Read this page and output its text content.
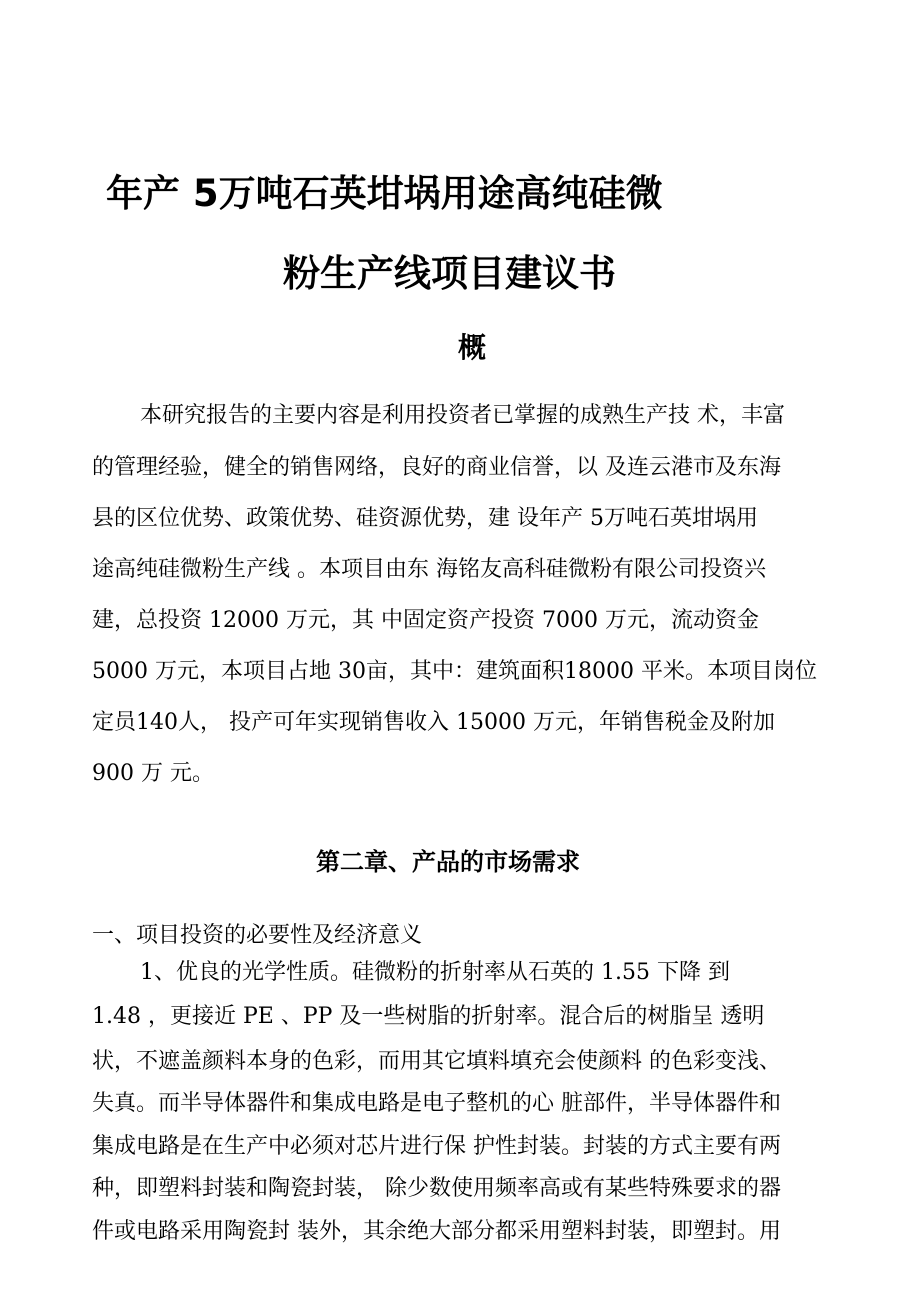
年产 5万吨石英坩埚用途高纯硅微
粉生产线项目建议书
概
本研究报告的主要内容是利用投资者已掌握的成熟生产技 术，丰富
的管理经验，健全的销售网络，良好的商业信誉，以 及连云港市及东海
县的区位优势、政策优势、硅资源优势，建 设年产 5万吨石英坩埚用
途高纯硅微粉生产线 。本项目由东 海铭友高科硅微粉有限公司投资兴
建，总投资 12000 万元，其 中固定资产投资 7000 万元，流动资金
5000 万元，本项目占地 30亩，其中：建筑面积18000 平米。本项目岗位
定员140人， 投产可年实现销售收入 15000 万元，年销售税金及附加
900 万 元。
第二章、产品的市场需求
一、项目投资的必要性及经济意义
1、优良的光学性质。硅微粉的折射率从石英的 1.55 下降 到
1.48 ，更接近 PE 、PP 及一些树脂的折射率。混合后的树脂呈 透明
状，不遮盖颜料本身的色彩，而用其它填料填充会使颜料 的色彩变浅、
失真。而半导体器件和集成电路是电子整机的心 脏部件，半导体器件和
集成电路是在生产中必须对芯片进行保 护性封装。封装的方式主要有两
种，即塑料封装和陶瓷封装， 除少数使用频率高或有某些特殊要求的器
件或电路采用陶瓷封 装外，其余绝大部分都采用塑料封装，即塑封。用
